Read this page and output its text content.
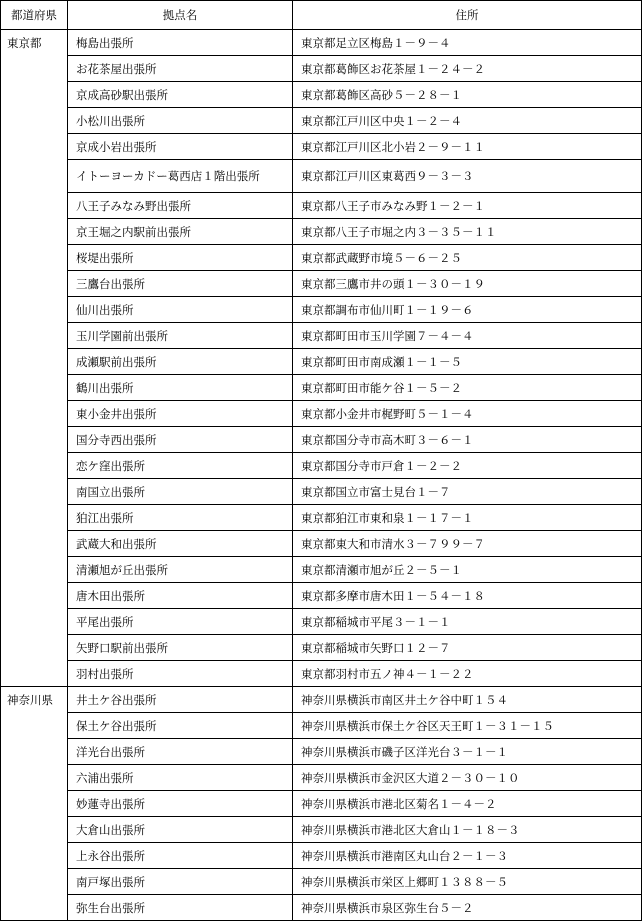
都道府県	拠点名	住所
東京都	梅島出張所	東京都足立区梅島１－９－４
	お花茶屋出張所	東京都葛飾区お花茶屋１－２４－２
	京成高砂駅出張所	東京都葛飾区高砂５－２８－１
	小松川出張所	東京都江戸川区中央１－２－４
	京成小岩出張所	東京都江戸川区北小岩２－９－１１
	イトーヨーカドー葛西店１階出張所	東京都江戸川区東葛西９－３－３
	八王子みなみ野出張所	東京都八王子市みなみ野１－２－１
	京王堀之内駅前出張所	東京都八王子市堀之内３－３５－１１
	桜堤出張所	東京都武蔵野市境５－６－２５
	三鷹台出張所	東京都三鷹市井の頭１－３０－１９
	仙川出張所	東京都調布市仙川町１－１９－６
	玉川学園前出張所	東京都町田市玉川学園７－４－４
	成瀬駅前出張所	東京都町田市南成瀬１－１－５
	鶴川出張所	東京都町田市能ケ谷１－５－２
	東小金井出張所	東京都小金井市梶野町５－１－４
	国分寺西出張所	東京都国分寺市高木町３－６－１
	恋ケ窪出張所	東京都国分寺市戸倉１－２－２
	南国立出張所	東京都国立市富士見台１－７
	狛江出張所	東京都狛江市東和泉１－１７－１
	武蔵大和出張所	東京都東大和市清水３－７９９－７
	清瀬旭が丘出張所	東京都清瀬市旭が丘２－５－１
	唐木田出張所	東京都多摩市唐木田１－５４－１８
	平尾出張所	東京都稲城市平尾３－１－１
	矢野口駅前出張所	東京都稲城市矢野口１２－７
	羽村出張所	東京都羽村市五ノ神４－１－２２
神奈川県	井土ケ谷出張所	神奈川県横浜市南区井土ケ谷中町１５４
	保土ケ谷出張所	神奈川県横浜市保土ケ谷区天王町１－３１－１５
	洋光台出張所	神奈川県横浜市磯子区洋光台３－１－１
	六浦出張所	神奈川県横浜市金沢区大道２－３０－１０
	妙蓮寺出張所	神奈川県横浜市港北区菊名１－４－２
	大倉山出張所	神奈川県横浜市港北区大倉山１－１８－３
	上永谷出張所	神奈川県横浜市港南区丸山台２－１－３
	南戸塚出張所	神奈川県横浜市栄区上郷町１３８８－５
	弥生台出張所	神奈川県横浜市泉区弥生台５－２
